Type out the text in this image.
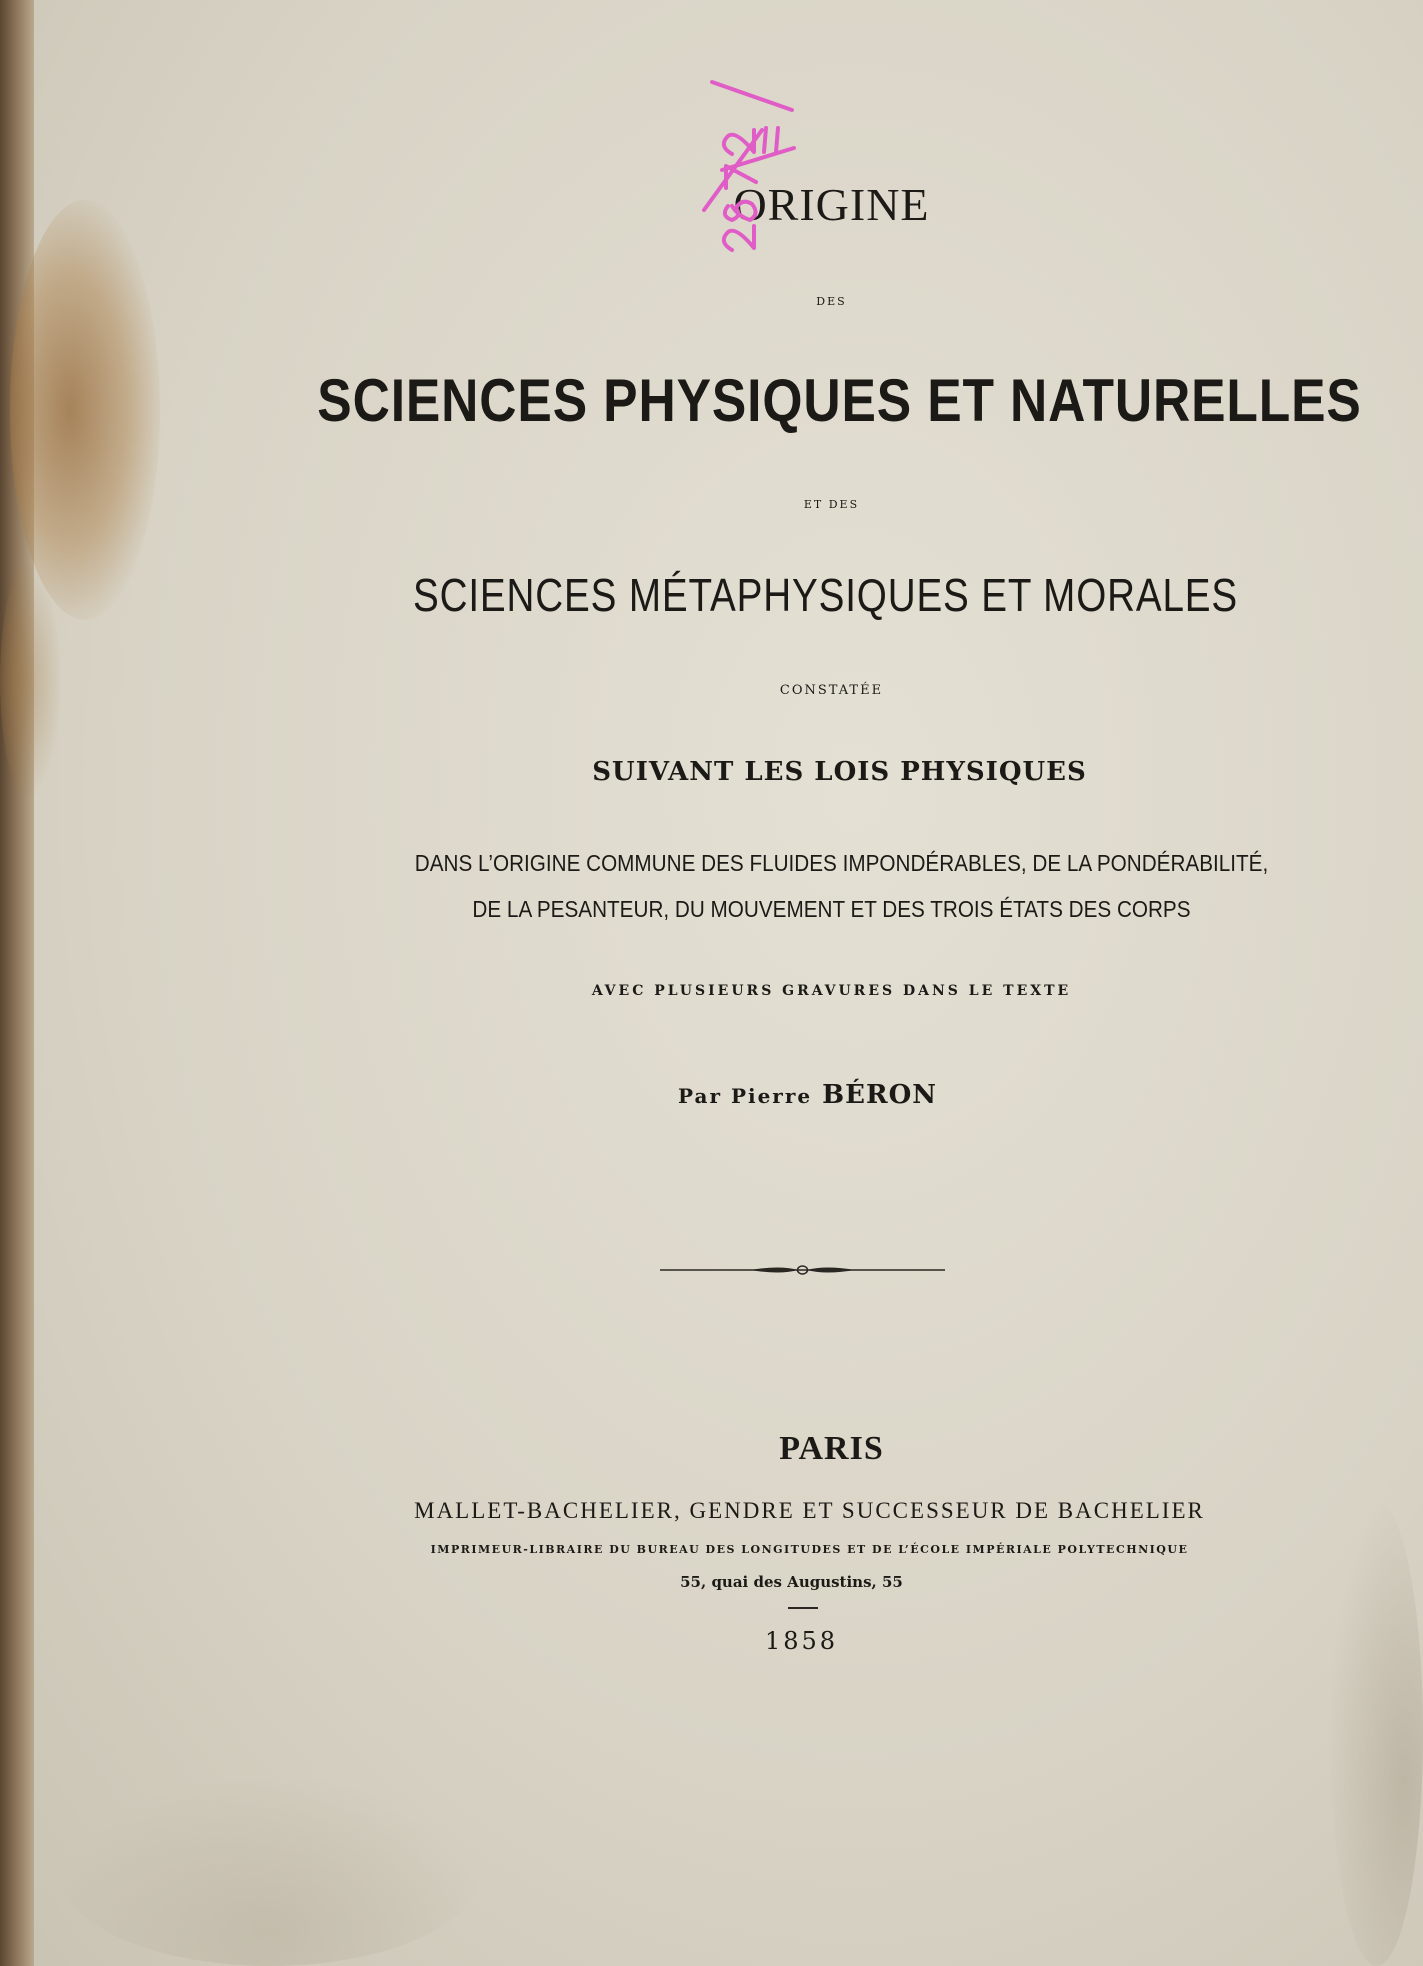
ORIGINE
DES
SCIENCES PHYSIQUES ET NATURELLES
ET DES
SCIENCES MÉTAPHYSIQUES ET MORALES
CONSTATÉE
SUIVANT LES LOIS PHYSIQUES
DANS L’ORIGINE COMMUNE DES FLUIDES IMPONDÉRABLES, DE LA PONDÉRABILITÉ,
DE LA PESANTEUR, DU MOUVEMENT ET DES TROIS ÉTATS DES CORPS
AVEC PLUSIEURS GRAVURES DANS LE TEXTE
Par Pierre BÉRON
PARIS
MALLET-BACHELIER, GENDRE ET SUCCESSEUR DE BACHELIER
IMPRIMEUR-LIBRAIRE DU BUREAU DES LONGITUDES ET DE L’ÉCOLE IMPÉRIALE POLYTECHNIQUE
55, quai des Augustins, 55
1858
